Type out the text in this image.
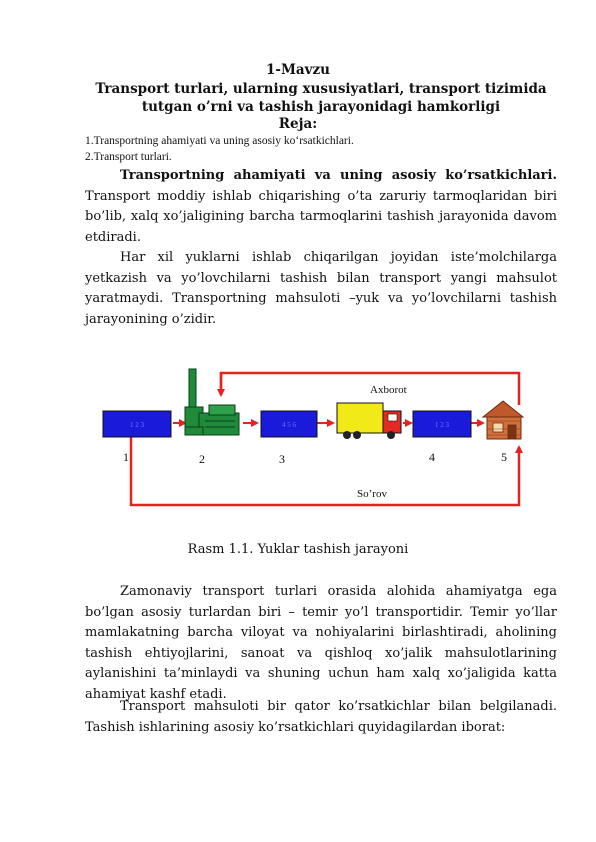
1-Mavzu
Transport turlari, ularning xususiyatlari, transport tizimida tutgan o’rni va tashish jarayonidagi hamkorligi
Reja:
1.Transportning ahamiyati va uning asosiy ko‘rsatkichlari.
2.Transport turlari.

Transportning ahamiyati va uning asosiy ko’rsatkichlari. Transport moddiy ishlab chiqarishing o’ta zaruriy tarmoqlaridan biri bo’lib, xalq xo’jaligining barcha tarmoqlarini tashish jarayonida davom etdiradi.

Har xil yuklarni ishlab chiqarilgan joyidan iste’molchilarga yetkazish va yo’lovchilarni tashish bilan transport yangi mahsulot yaratmaydi. Transportning mahsuloti –yuk va yo’lovchilarni tashish jarayonining o’zidir.

Axborot
So’rov
1 2 3	4 5 6	1 2 3
1	2	3	4	5
Rasm 1.1. Yuklar tashish jarayoni

Zamonaviy transport turlari orasida alohida ahamiyatga ega bo’lgan asosiy turlardan biri – temir yo’l transportidir. Temir yo’llar mamlakatning barcha viloyat va nohiyalarini birlashtiradi, aholining tashish ehtiyojlarini, sanoat va qishloq xo’jalik mahsulotlarining aylanishini ta’minlaydi va shuning uchun ham xalq xo’jaligida katta ahamiyat kashf etadi.

Transport mahsuloti bir qator ko’rsatkichlar bilan belgilanadi. Tashish ishlarining asosiy ko’rsatkichlari quyidagilardan iborat:
